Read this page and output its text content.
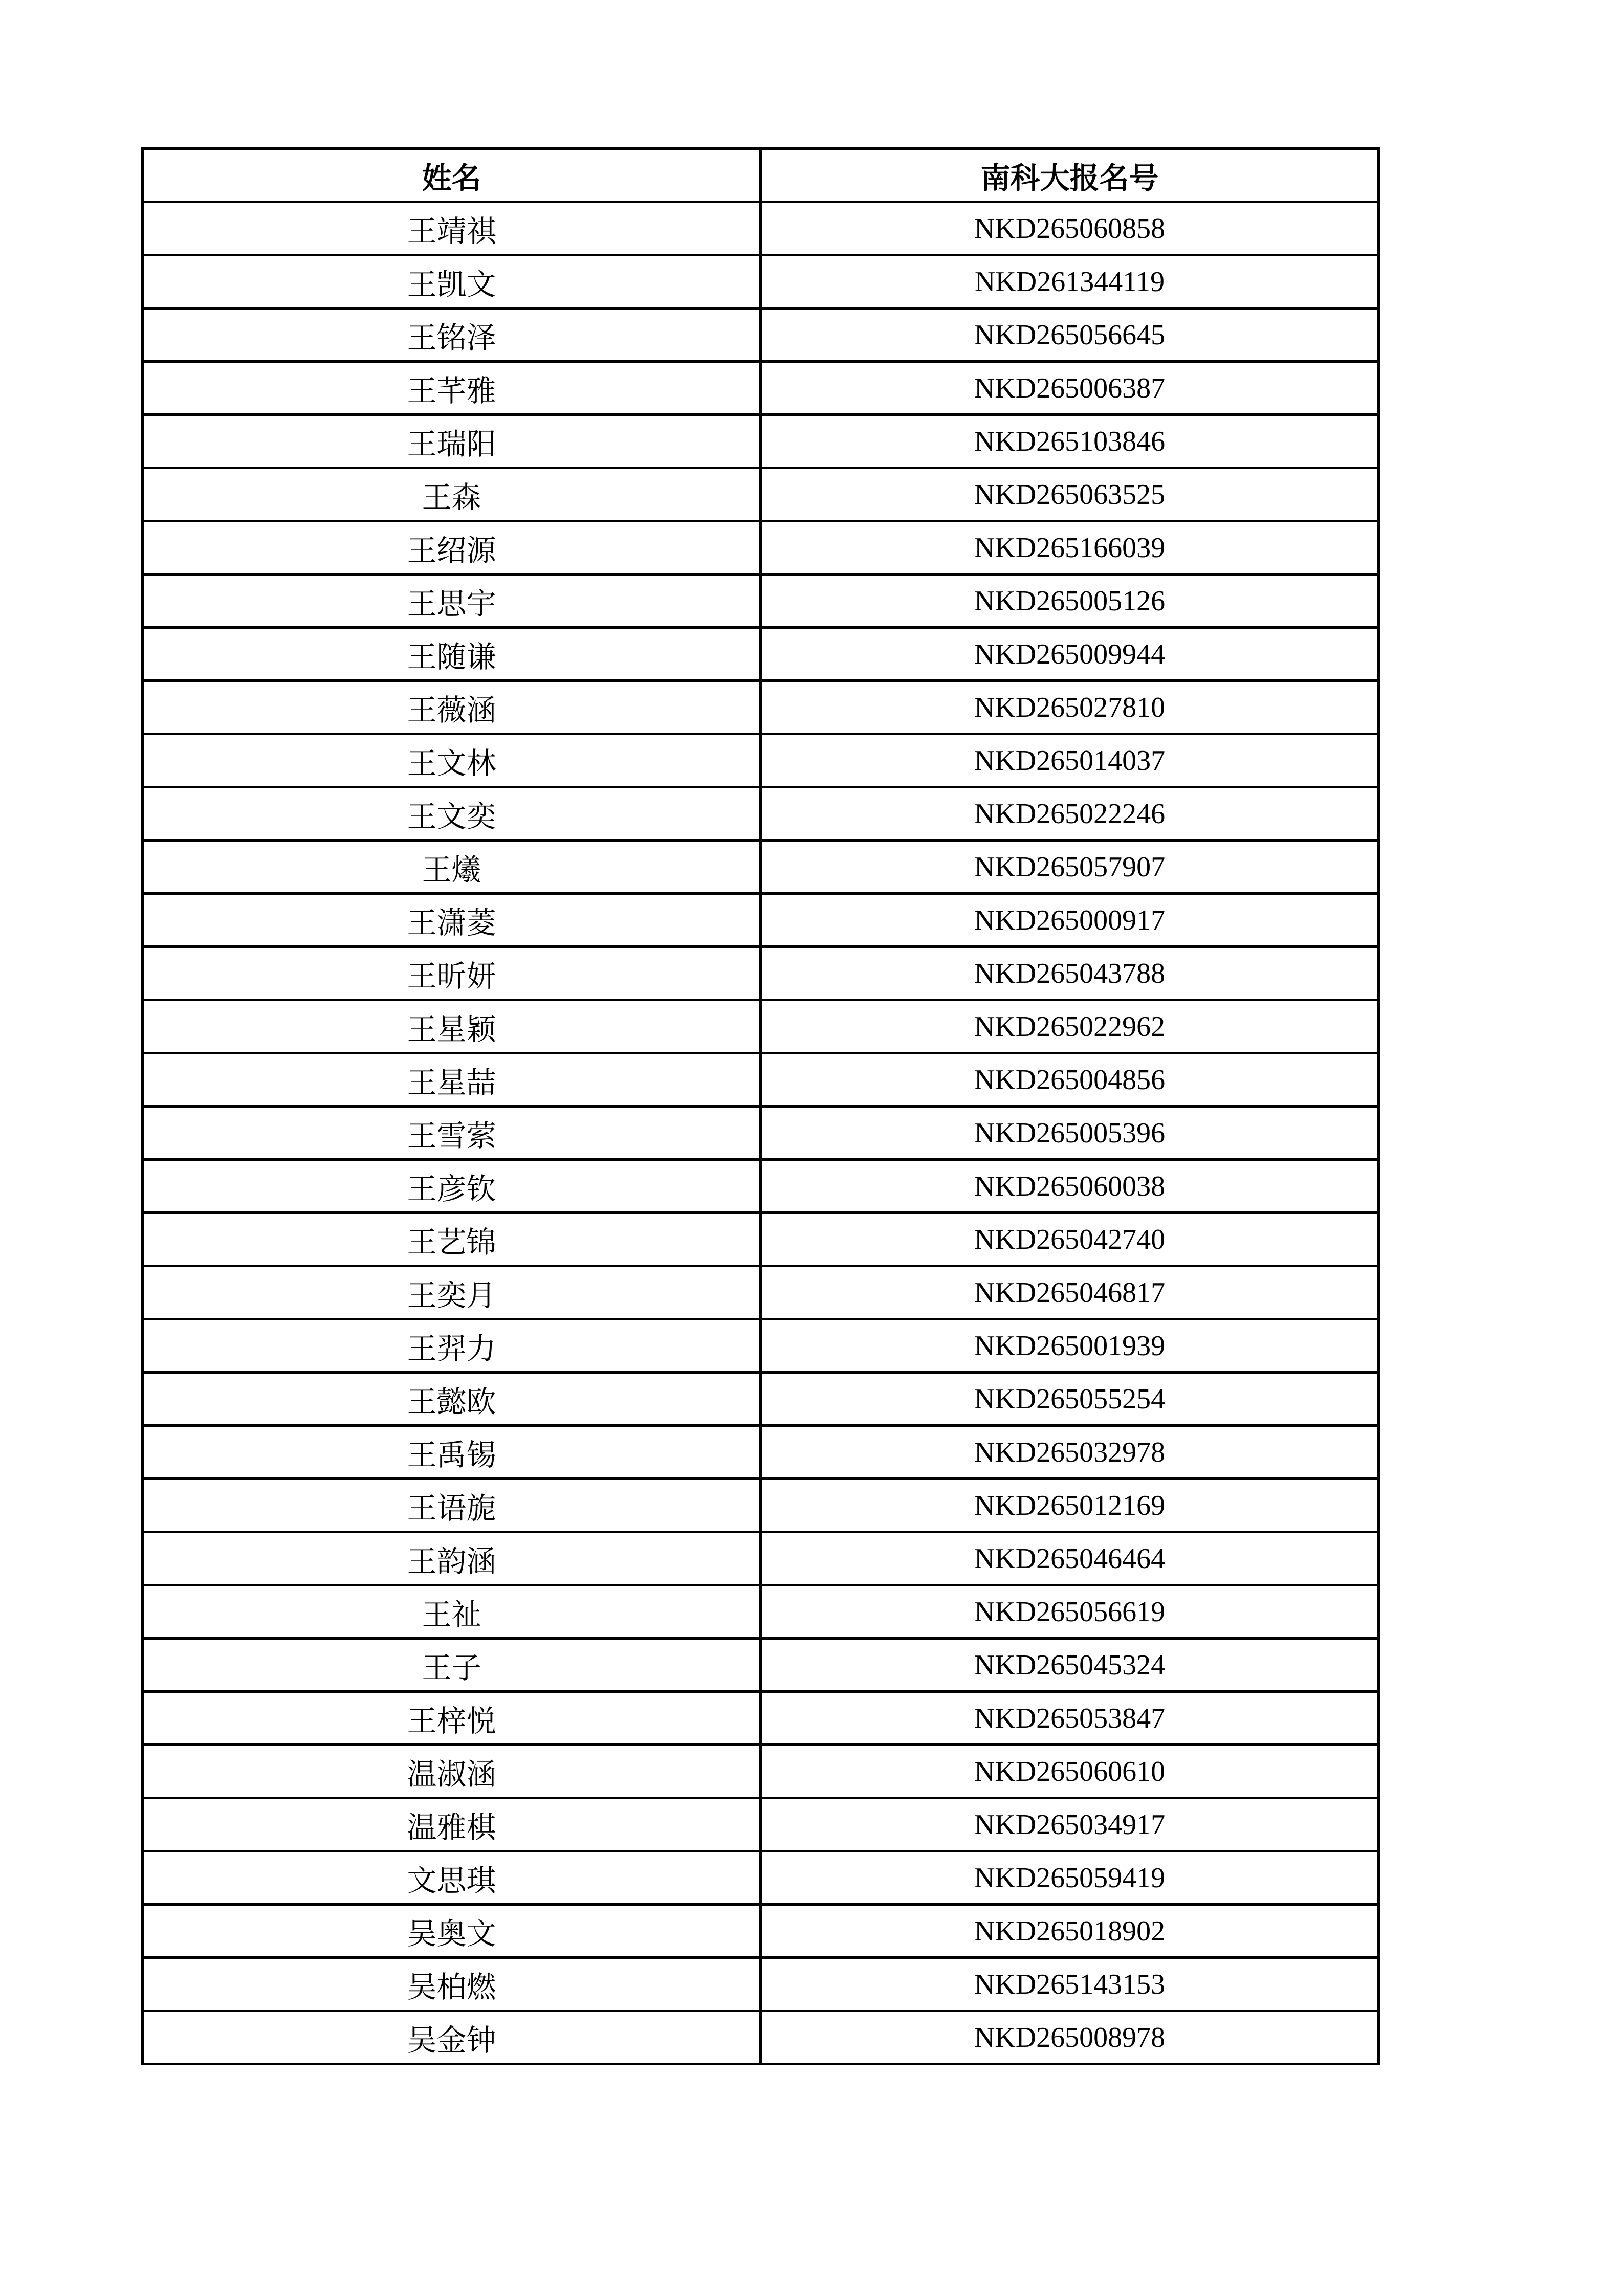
姓名	南科大报名号
王靖祺	NKD265060858
王凯文	NKD261344119
王铭泽	NKD265056645
王芊雅	NKD265006387
王瑞阳	NKD265103846
王森	NKD265063525
王绍源	NKD265166039
王思宇	NKD265005126
王随谦	NKD265009944
王薇涵	NKD265027810
王文林	NKD265014037
王文奕	NKD265022246
王爔	NKD265057907
王潇菱	NKD265000917
王昕妍	NKD265043788
王星颖	NKD265022962
王星喆	NKD265004856
王雪萦	NKD265005396
王彦钦	NKD265060038
王艺锦	NKD265042740
王奕月	NKD265046817
王羿力	NKD265001939
王懿欧	NKD265055254
王禹锡	NKD265032978
王语旎	NKD265012169
王韵涵	NKD265046464
王祉	NKD265056619
王子	NKD265045324
王梓悦	NKD265053847
温淑涵	NKD265060610
温雅棋	NKD265034917
文思琪	NKD265059419
吴奥文	NKD265018902
吴柏燃	NKD265143153
吴金钟	NKD265008978
